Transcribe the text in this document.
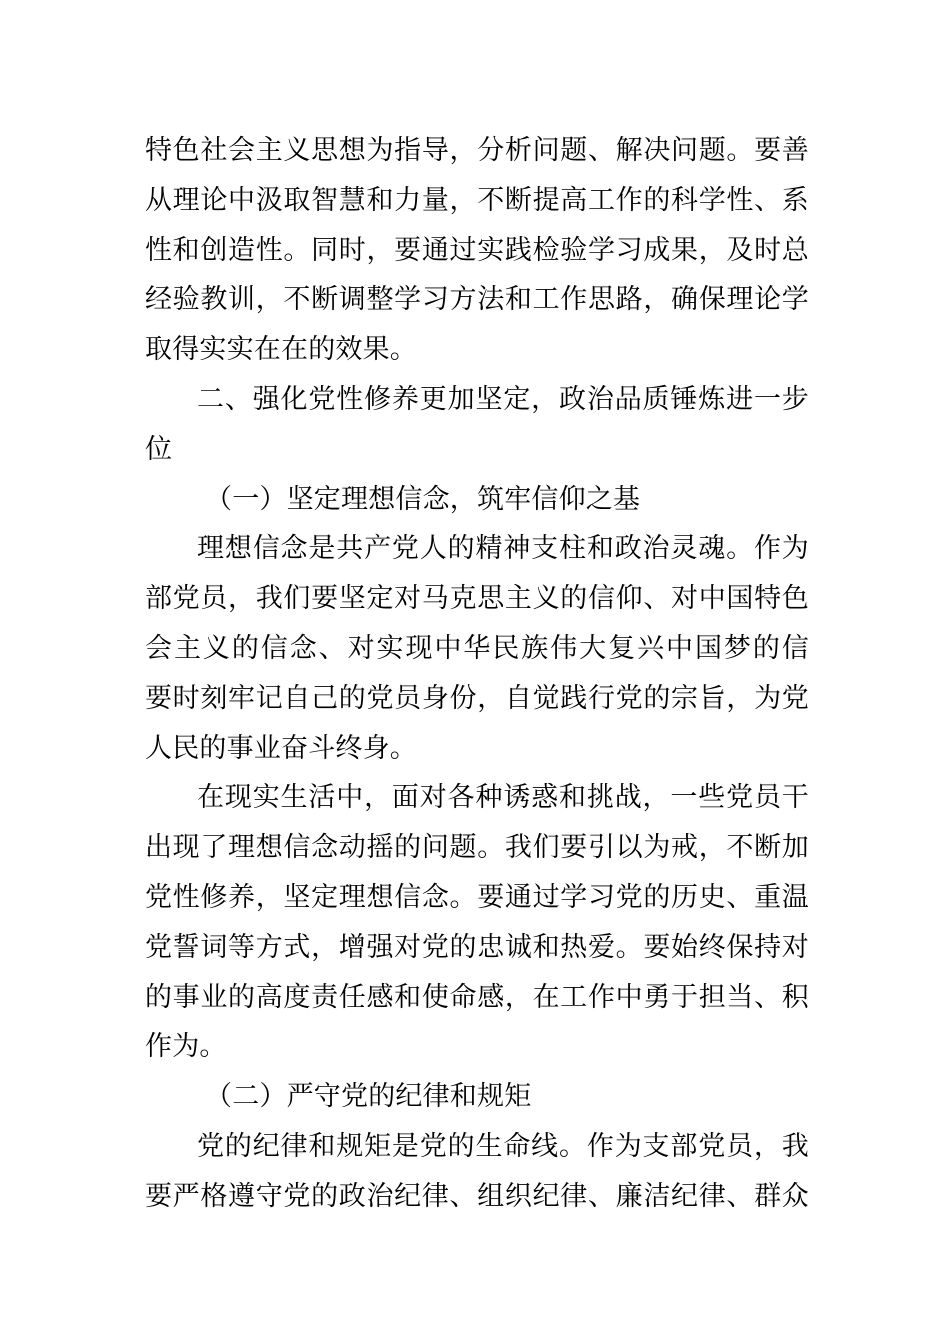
特色社会主义思想为指导，分析问题、解决问题。要善
从理论中汲取智慧和力量，不断提高工作的科学性、系
性和创造性。同时，要通过实践检验学习成果，及时总
经验教训，不断调整学习方法和工作思路，确保理论学
取得实实在在的效果。
二、强化党性修养更加坚定，政治品质锤炼进一步
位
（一）坚定理想信念，筑牢信仰之基
理想信念是共产党人的精神支柱和政治灵魂。作为
部党员，我们要坚定对马克思主义的信仰、对中国特色
会主义的信念、对实现中华民族伟大复兴中国梦的信
要时刻牢记自己的党员身份，自觉践行党的宗旨，为党
人民的事业奋斗终身。
在现实生活中，面对各种诱惑和挑战，一些党员干
出现了理想信念动摇的问题。我们要引以为戒，不断加
党性修养，坚定理想信念。要通过学习党的历史、重温
党誓词等方式，增强对党的忠诚和热爱。要始终保持对
的事业的高度责任感和使命感，在工作中勇于担当、积
作为。
（二）严守党的纪律和规矩
党的纪律和规矩是党的生命线。作为支部党员，我
要严格遵守党的政治纪律、组织纪律、廉洁纪律、群众
